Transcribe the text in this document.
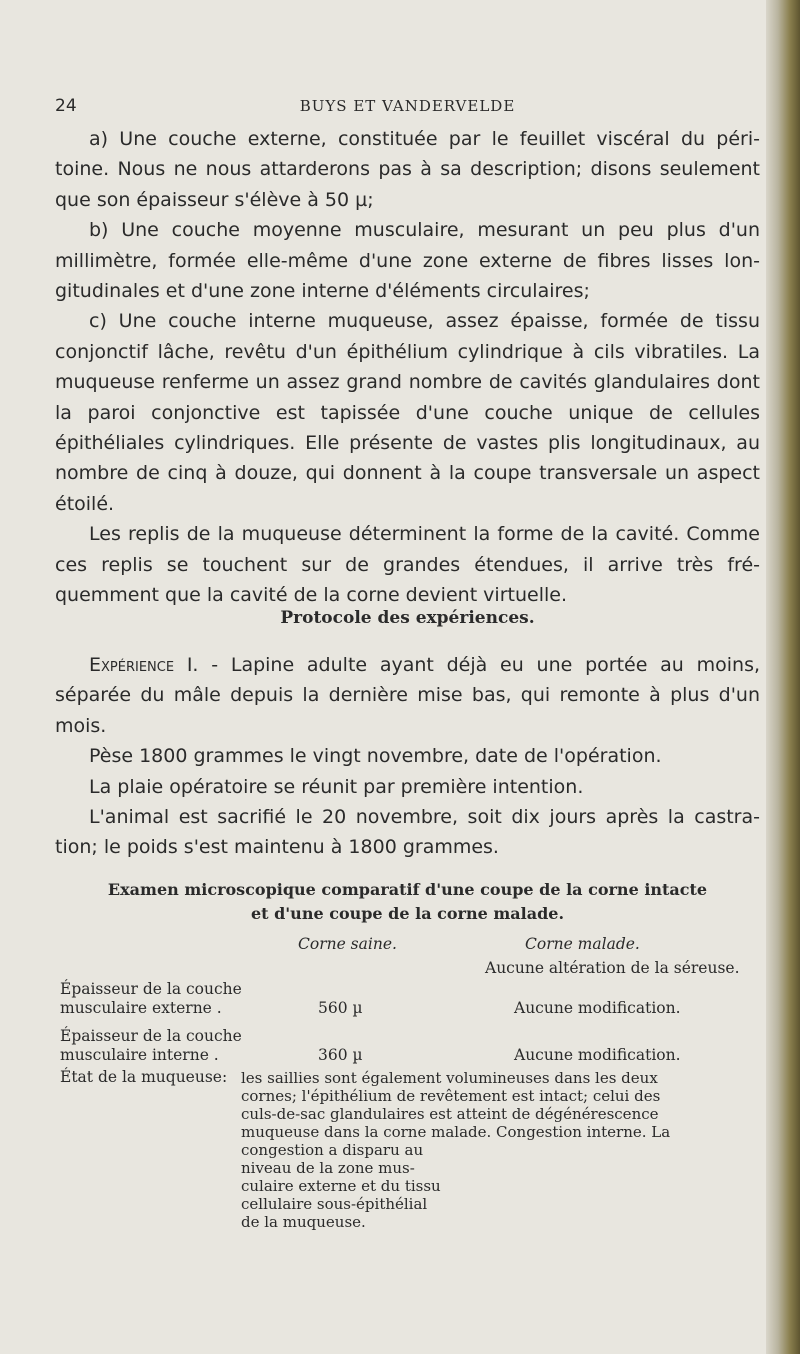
24	BUYS ET VANDERVELDE

a) Une couche externe, constituée par le feuillet viscéral du péri- toine. Nous ne nous attarderons pas à sa description; disons seulement que son épaisseur s'élève à 50 µ;

b) Une couche moyenne musculaire, mesurant un peu plus d'un millimètre, formée elle-même d'une zone externe de fibres lisses lon- gitudinales et d'une zone interne d'éléments circulaires;

c) Une couche interne muqueuse, assez épaisse, formée de tissu conjonctif lâche, revêtu d'un épithélium cylindrique à cils vibratiles. La muqueuse renferme un assez grand nombre de cavités glandulaires dont la paroi conjonctive est tapissée d'une couche unique de cellules épithéliales cylindriques. Elle présente de vastes plis longitudinaux, au nombre de cinq à douze, qui donnent à la coupe transversale un aspect étoilé.

Les replis de la muqueuse déterminent la forme de la cavité. Comme ces replis se touchent sur de grandes étendues, il arrive très fré- quemment que la cavité de la corne devient virtuelle.

Protocole des expériences.

Expérience I. - Lapine adulte ayant déjà eu une portée au moins, séparée du mâle depuis la dernière mise bas, qui remonte à plus d'un mois.

Pèse 1800 grammes le vingt novembre, date de l'opération.

La plaie opératoire se réunit par première intention.

L'animal est sacrifié le 20 novembre, soit dix jours après la castra- tion; le poids s'est maintenu à 1800 grammes.

Examen microscopique comparatif d'une coupe de la corne intacte
et d'une coupe de la corne malade.
Corne saine.	Corne malade.
Aucune altération de la séreuse.
Épaisseur de la couche
musculaire externe .	560 µ	Aucune modification.
Épaisseur de la couche
musculaire interne .	360 µ	Aucune modification.
État de la muqueuse: les saillies sont également volumineuses dans les deux
cornes; l'épithélium de revêtement est intact; celui des
culs-de-sac glandulaires est atteint de dégénérescence
muqueuse dans la corne malade. Congestion interne. La
congestion a disparu au
niveau de la zone mus-
culaire externe et du tissu
cellulaire sous-épithélial
de la muqueuse.
